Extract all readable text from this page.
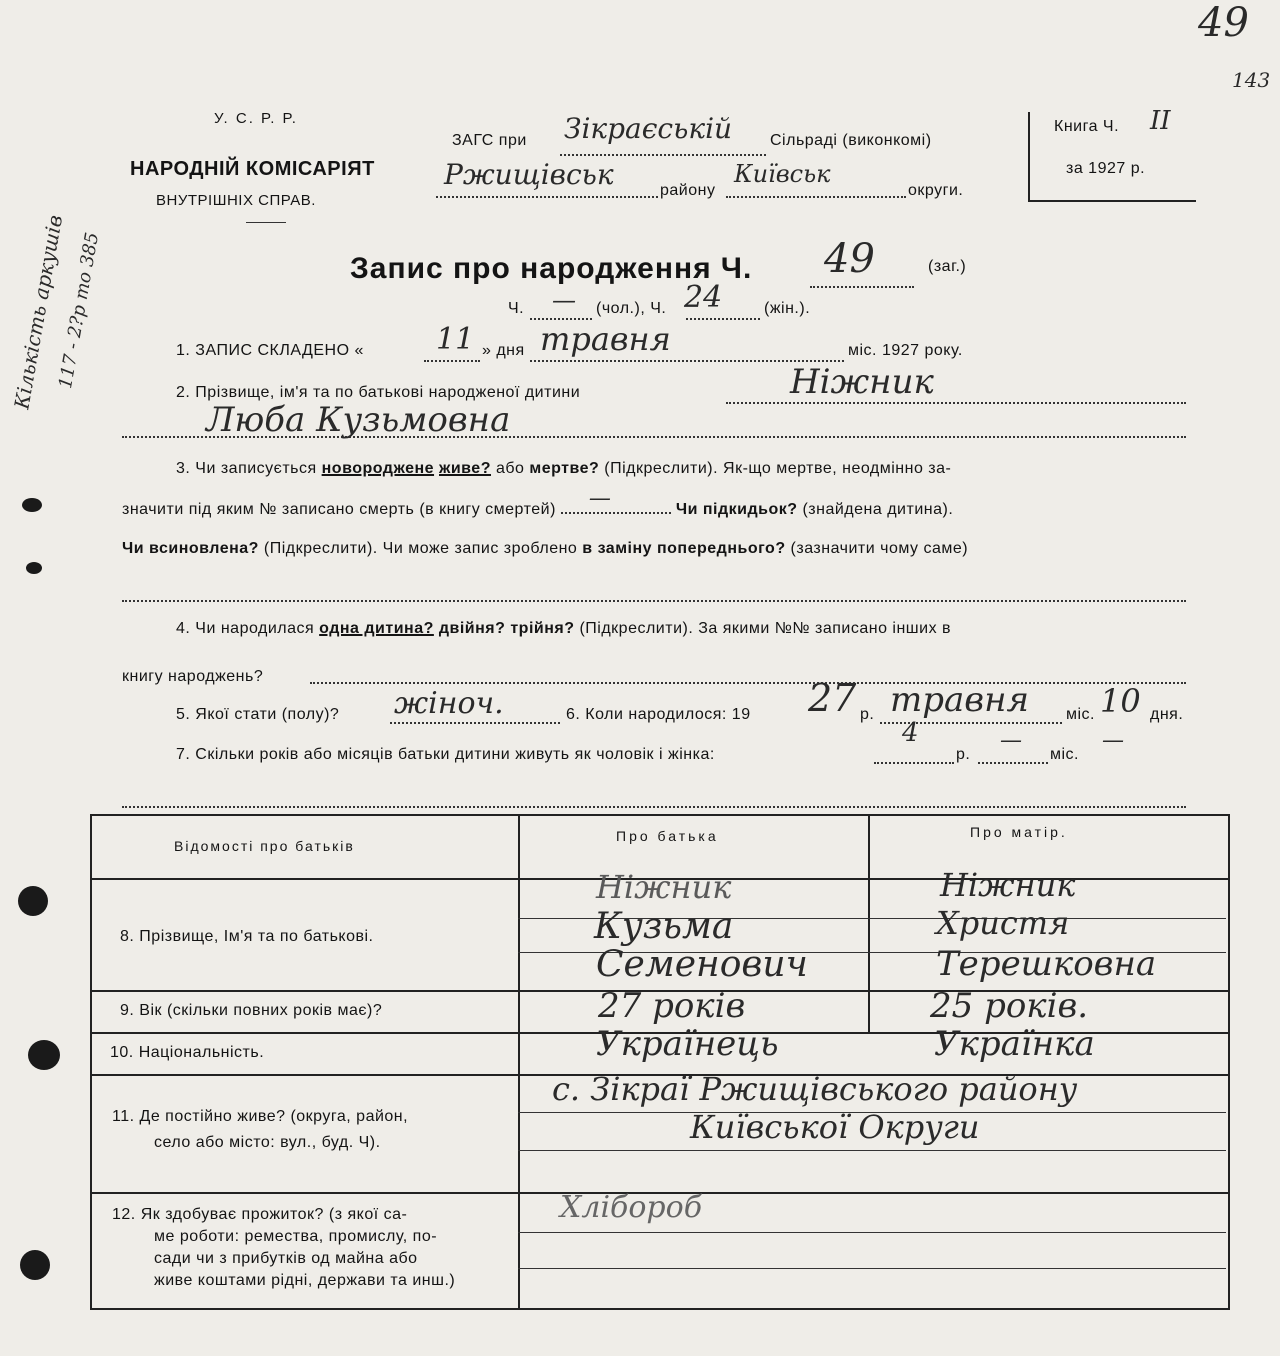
49
143
Кількість аркушів
117 - 2?р то 385
У. С. Р. Р.
НАРОДНІЙ КОМІСАРІЯТ
ВНУТРІШНІХ СПРАВ.
ЗАГС при Зікраєській Сільраді (виконкомі)
Ржищівськ	району
Київськ
округи.
Книга Ч. II
за 1927 р.
Запис про народження Ч. 49	(заг.)
Ч. — (чол.), Ч. 24	(жін.).
1. ЗАПИС СКЛАДЕНО « 11 » дня травня	міс. 1927 року.
2. Прізвище, ім'я та по батькові народженої дитини	Ніжник
Люба Кузьмовна
3. Чи записується новороджене живе? або мертве? (Підкреслити). Як-що мертве, неодмінно за-
значити під яким № записано смерть (в книгу смертей) —	Чи підкидьок? (знайдена дитина).
Чи всиновлена? (Підкреслити). Чи може запис зроблено в заміну попереднього? (зазначити чому саме)
4. Чи народилася одна дитина? двійня? трійня? (Підкреслити). За якими №№ записано інших в
книгу народжень?
5. Якої стати (полу)? жіноч.	6. Коли народилося: 19 27 р. травня міс. 10 дня.
7. Скільки років або місяців батьки дитини живуть як чоловік і жінка:
4
р.
—
міс.
—
Відомості про батьків
Про батька	Про матір.
8. Прізвище, Ім'я та по батькові.
Ніжник
Кузьма
Семенович
Ніжник
Христя
Терешковна
9. Вік (скільки повних років має)?	27 років	25 років.
10. Національність.	Українець	Українка
11. Де постійно живе? (округа, район,
село або місто: вул., буд. Ч).
с. Зікраї Ржищівського району
Київської Округи
12. Як здобуває прожиток? (з якої са-
ме роботи: ремества, промислу, по-
сади чи з прибутків од майна або
живе коштами рідні, держави та инш.)
Хлібороб
